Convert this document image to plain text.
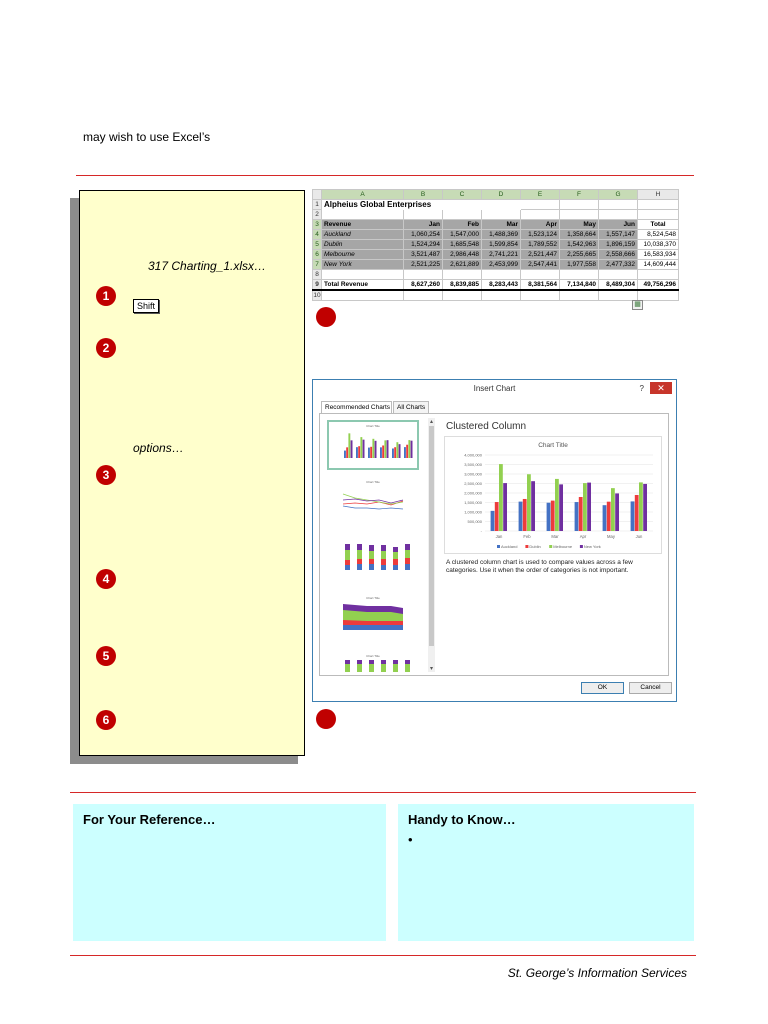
may wish to use Excel’s
317 Charting_1.xlsx…
1
Shift
2
options…
3
4
5
6
	A	B	C	D	E	F	G	H
1	Alpheius Global Enterprises							
2								
3	Revenue	Jan	Feb	Mar	Apr	May	Jun	Total
4	Auckland	1,060,254	1,547,000	1,488,369	1,523,124	1,358,664	1,557,147	8,524,548
5	Dublin	1,524,294	1,685,548	1,599,854	1,789,552	1,542,963	1,896,159	10,038,370
6	Melbourne	3,521,487	2,986,448	2,741,221	2,521,447	2,255,665	2,558,666	16,583,934
7	New York	2,521,225	2,621,889	2,453,999	2,547,441	1,977,558	2,477,332	14,609,444
8								
9	Total Revenue	8,627,260	8,839,885	8,283,443	8,381,564	7,134,840	8,489,304	49,756,296
10								
▦
Insert Chart	?	✕
Recommended Charts	All Charts
Chart Title
Chart Title
Chart Title
Chart Title
▴
▾
Clustered Column
Chart Title
-
500,000
1,000,000
1,500,000
2,000,000
2,500,000
3,000,000
3,500,000
4,000,000
Jan	Feb	Mar	Apr	May	Jun
Auckland	Dublin	Melbourne	New York
A clustered column chart is used to compare values across a few categories. Use it when the order of categories is not important.
OK	Cancel
For Your Reference…	Handy to Know…
•
St. George’s Information Services
